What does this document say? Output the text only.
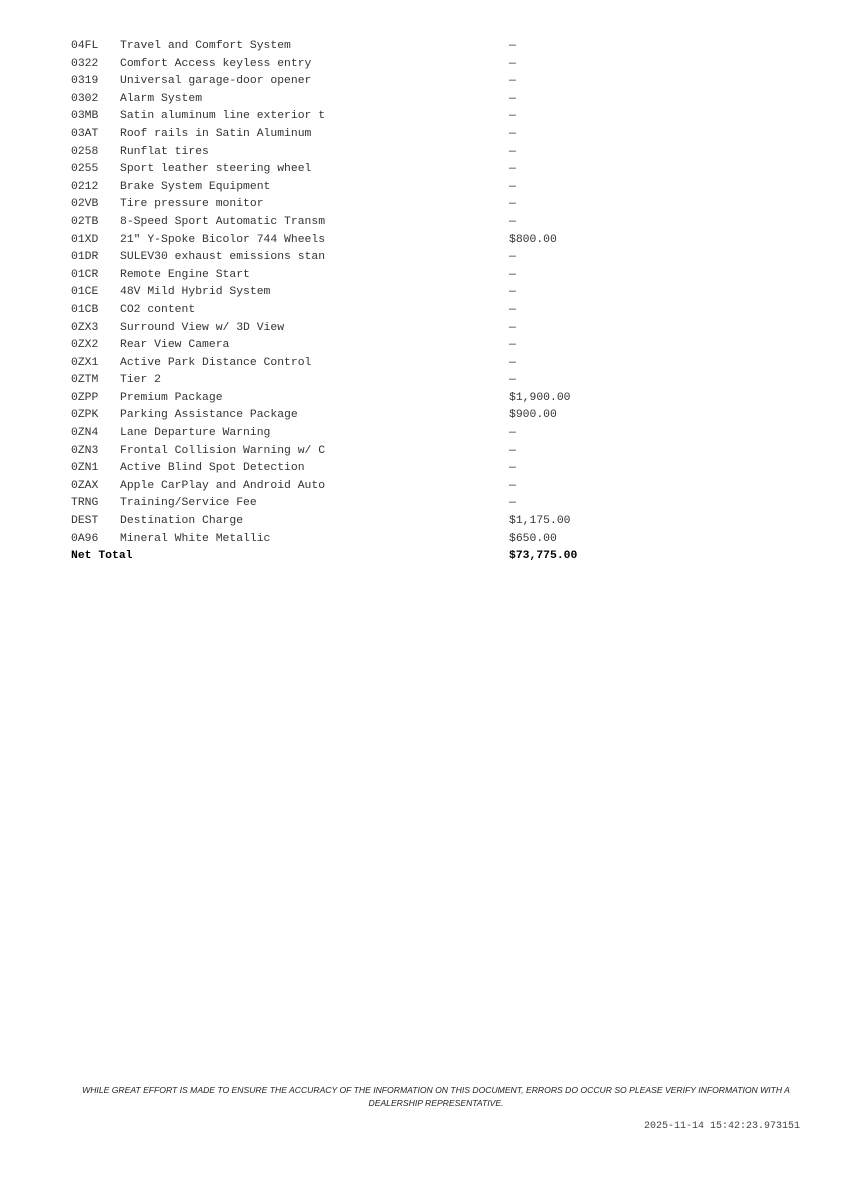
04FL	Travel and Comfort System	—
0322	Comfort Access keyless entry	—
0319	Universal garage-door opener	—
0302	Alarm System	—
03MB	Satin aluminum line exterior t	—
03AT	Roof rails in Satin Aluminum	—
0258	Runflat tires	—
0255	Sport leather steering wheel	—
0212	Brake System Equipment	—
02VB	Tire pressure monitor	—
02TB	8-Speed Sport Automatic Transm	—
01XD	21" Y-Spoke Bicolor 744 Wheels	$800.00
01DR	SULEV30 exhaust emissions stan	—
01CR	Remote Engine Start	—
01CE	48V Mild Hybrid System	—
01CB	CO2 content	—
0ZX3	Surround View w/ 3D View	—
0ZX2	Rear View Camera	—
0ZX1	Active Park Distance Control	—
0ZTM	Tier 2	—
0ZPP	Premium Package	$1,900.00
0ZPK	Parking Assistance Package	$900.00
0ZN4	Lane Departure Warning	—
0ZN3	Frontal Collision Warning w/ C	—
0ZN1	Active Blind Spot Detection	—
0ZAX	Apple CarPlay and Android Auto	—
TRNG	Training/Service Fee	—
DEST	Destination Charge	$1,175.00
0A96	Mineral White Metallic	$650.00
Net Total	$73,775.00
WHILE GREAT EFFORT IS MADE TO ENSURE THE ACCURACY OF THE INFORMATION ON THIS DOCUMENT, ERRORS DO OCCUR SO PLEASE VERIFY INFORMATION WITH A DEALERSHIP REPRESENTATIVE.
2025-11-14 15:42:23.973151
